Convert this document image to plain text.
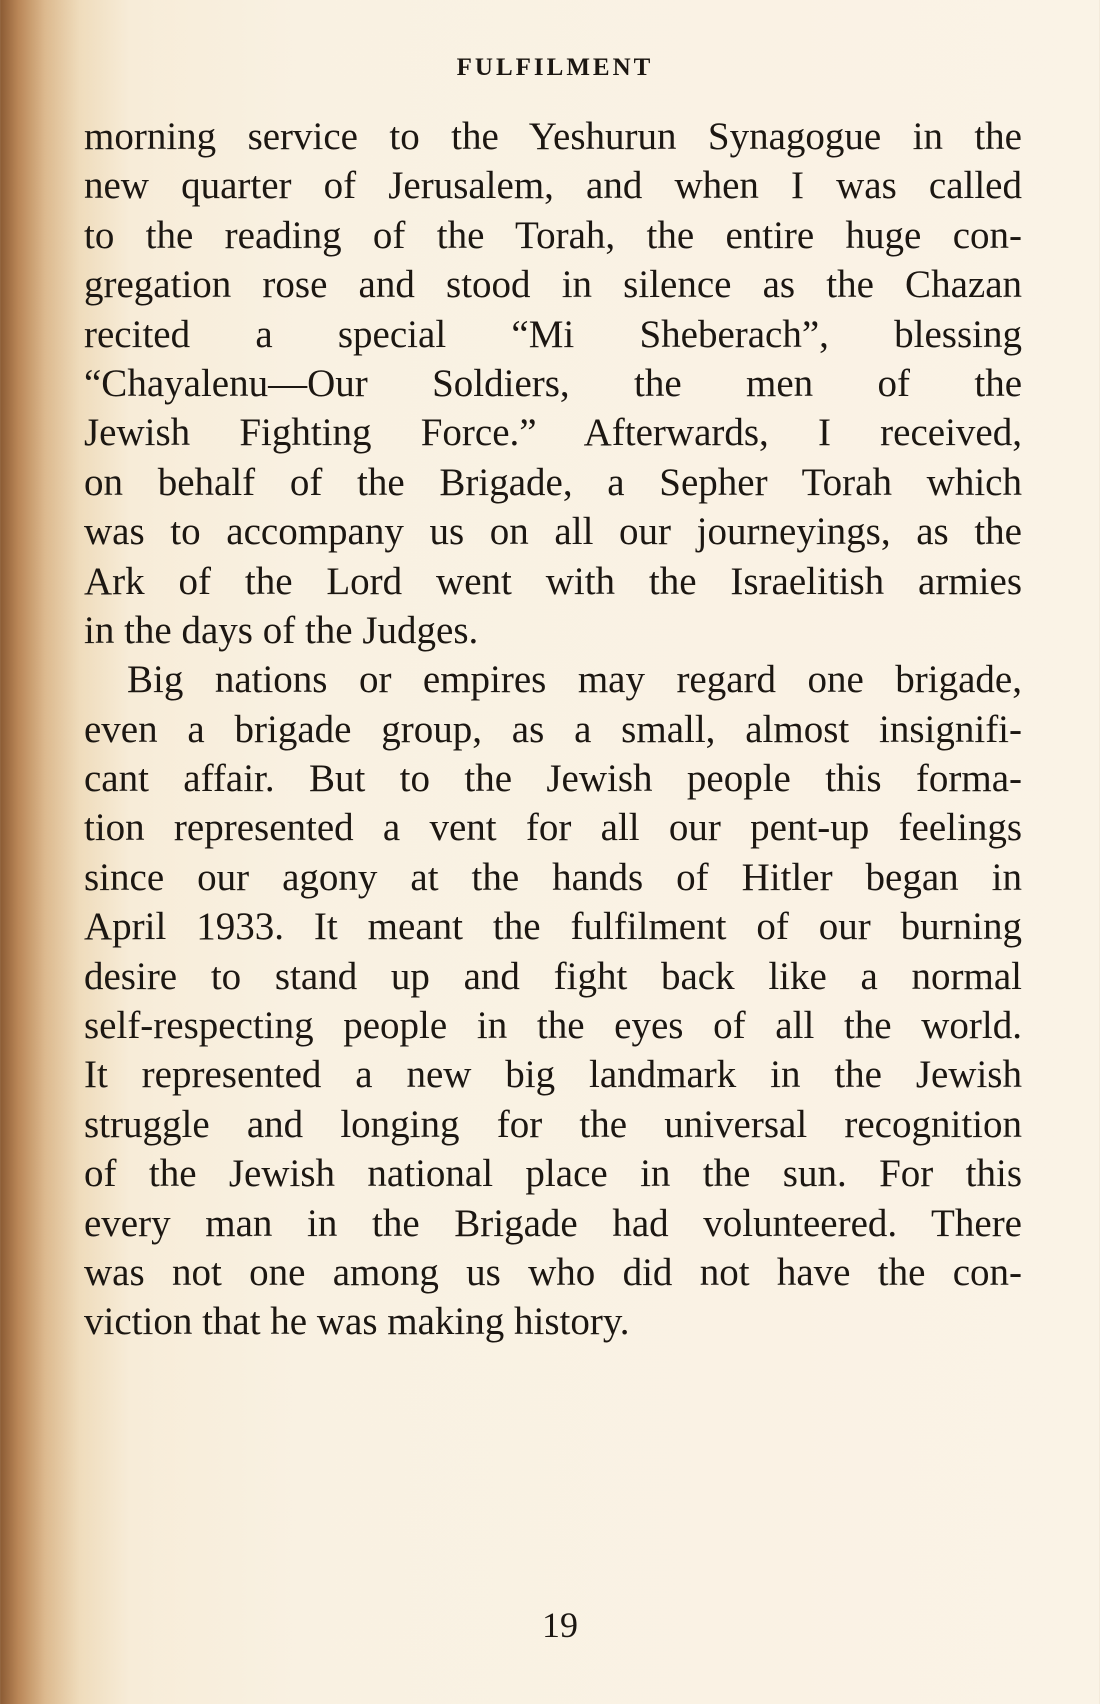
FULFILMENT
morning service to the Yeshurun Synagogue in the
new quarter of Jerusalem, and when I was called
to the reading of the Torah, the entire huge con-
gregation rose and stood in silence as the Chazan
recited a special “Mi Sheberach”, blessing
“Chayalenu—Our Soldiers, the men of the
Jewish Fighting Force.” Afterwards, I received,
on behalf of the Brigade, a Sepher Torah which
was to accompany us on all our journeyings, as the
Ark of the Lord went with the Israelitish armies
in the days of the Judges.
Big nations or empires may regard one brigade,
even a brigade group, as a small, almost insignifi-
cant affair. But to the Jewish people this forma-
tion represented a vent for all our pent-up feelings
since our agony at the hands of Hitler began in
April 1933. It meant the fulfilment of our burning
desire to stand up and fight back like a normal
self-respecting people in the eyes of all the world.
It represented a new big landmark in the Jewish
struggle and longing for the universal recognition
of the Jewish national place in the sun. For this
every man in the Brigade had volunteered. There
was not one among us who did not have the con-
viction that he was making history.
19
